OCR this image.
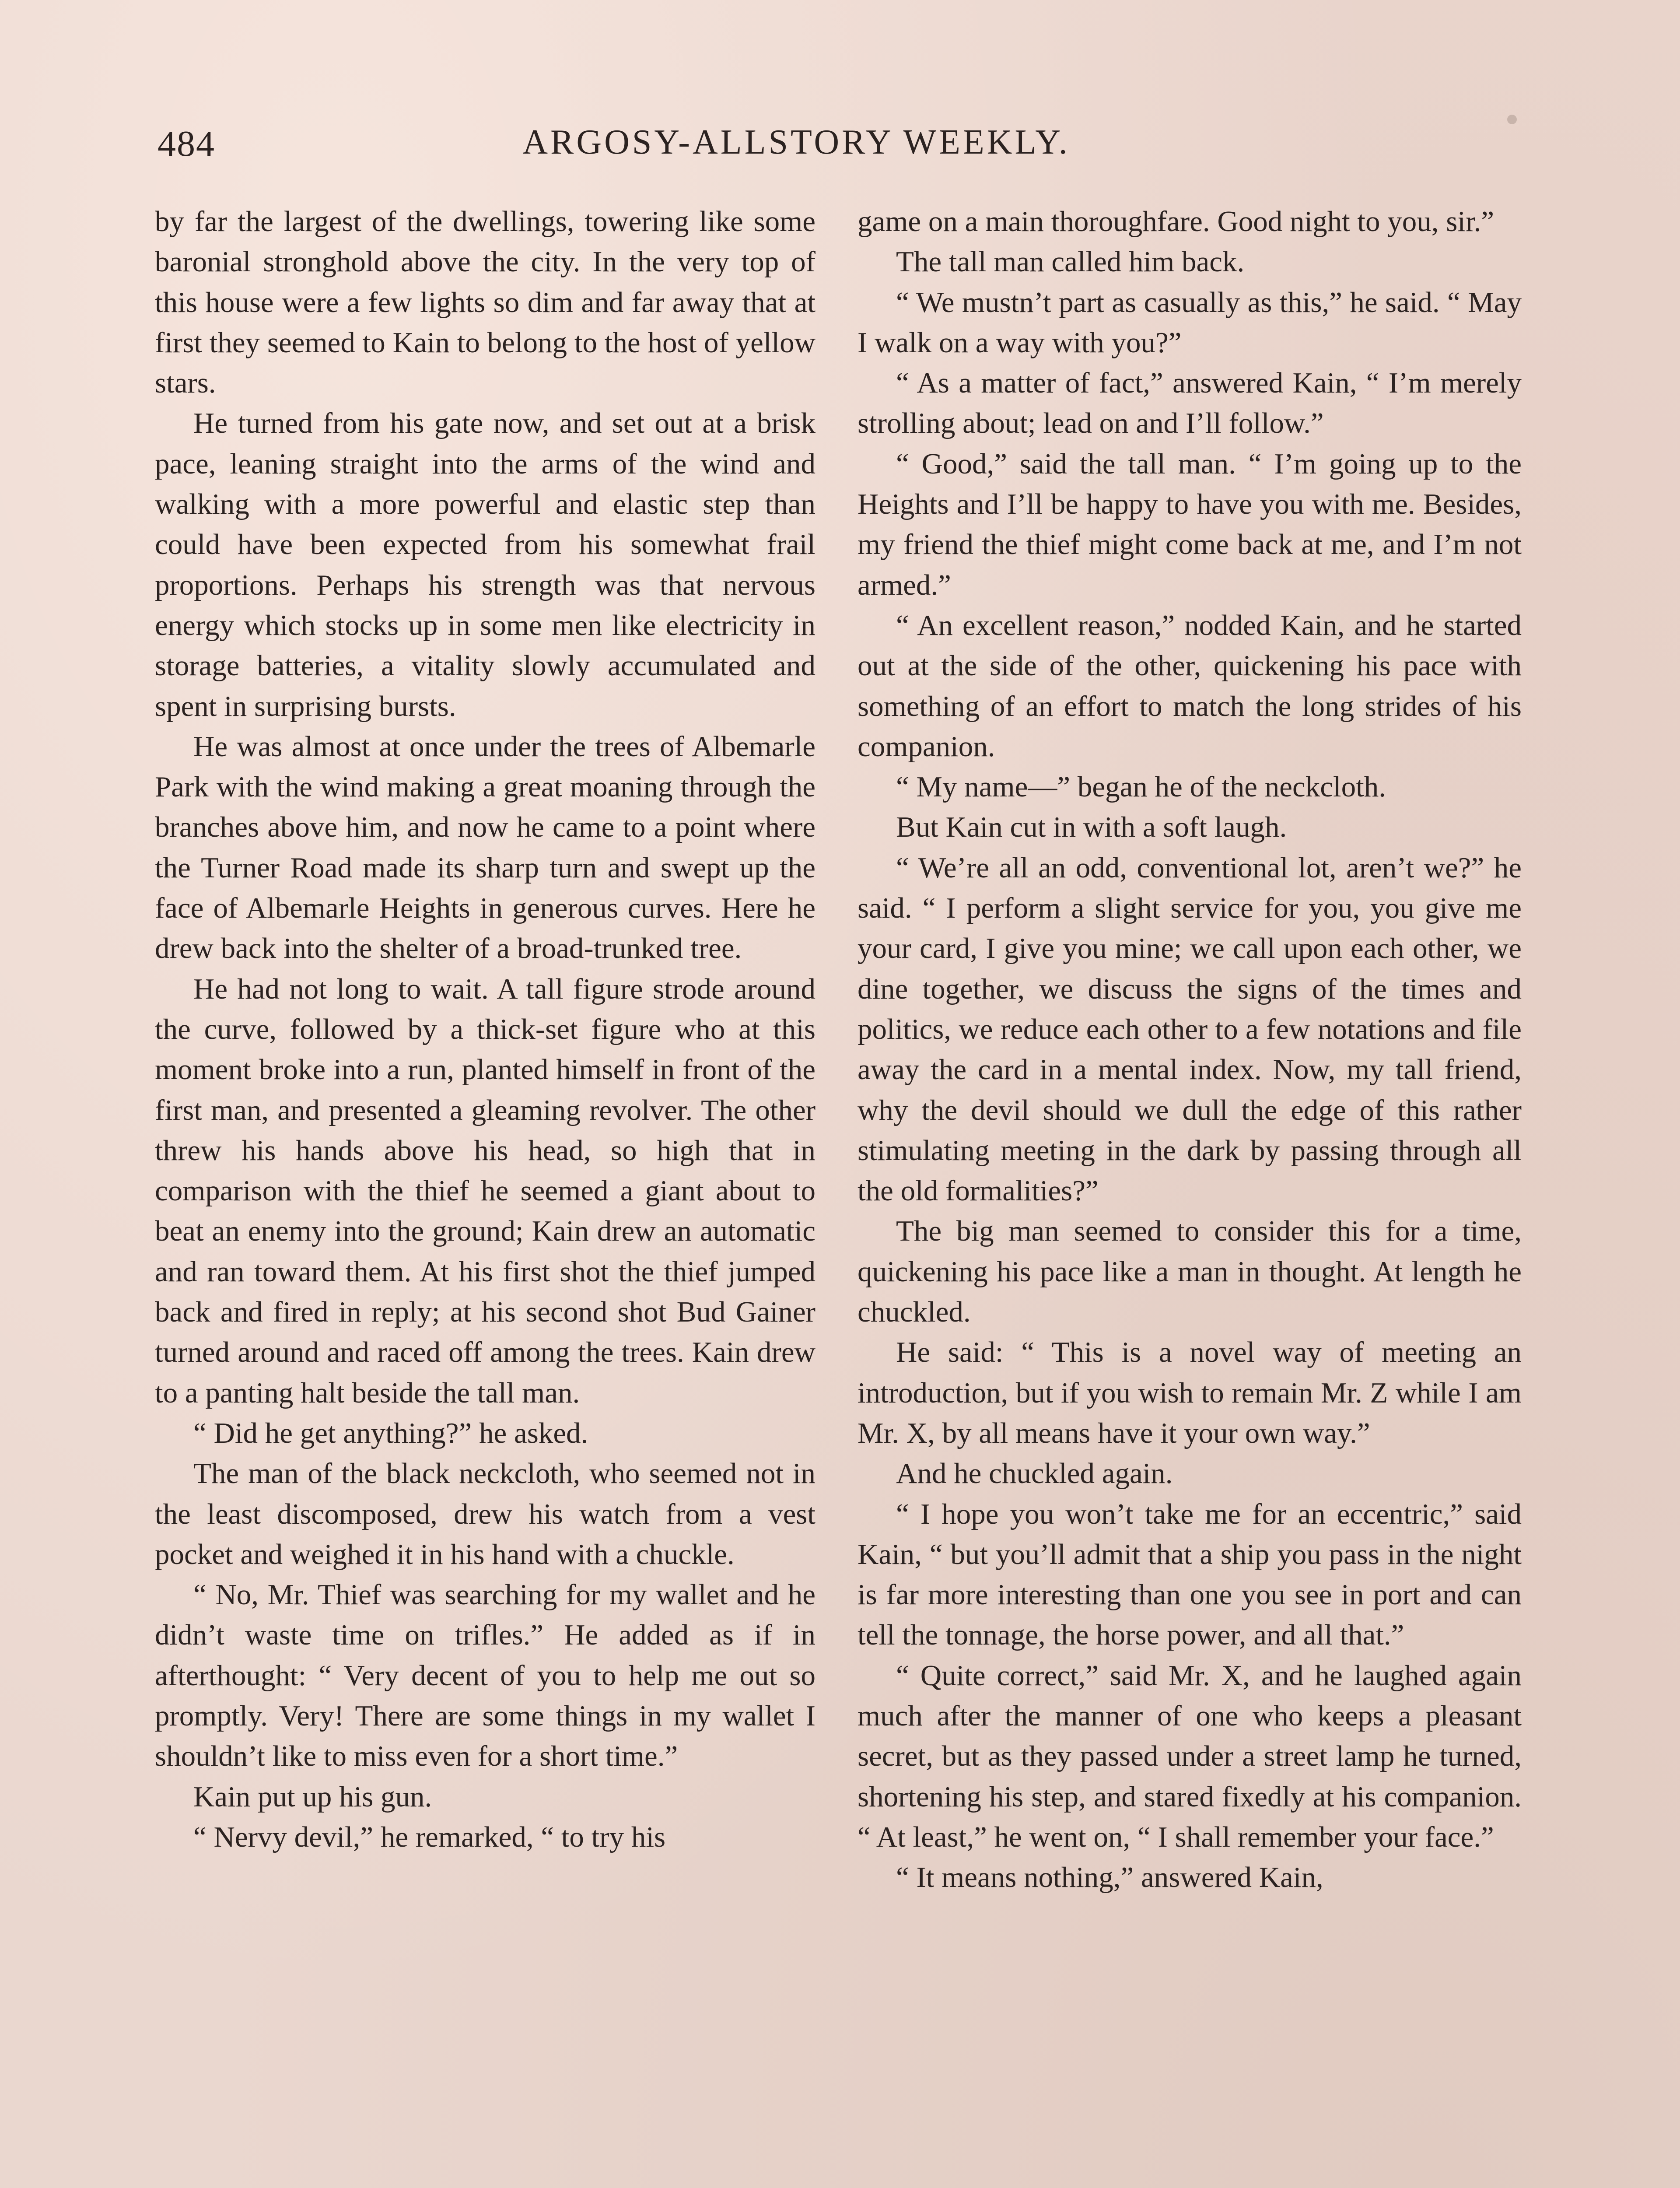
484	ARGOSY-ALLSTORY WEEKLY.

by far the largest of the dwellings, towering like some baronial stronghold above the city. In the very top of this house were a few lights so dim and far away that at first they seemed to Kain to belong to the host of yellow stars.

He turned from his gate now, and set out at a brisk pace, leaning straight into the arms of the wind and walking with a more powerful and elastic step than could have been expected from his somewhat frail proportions. Perhaps his strength was that nervous energy which stocks up in some men like electricity in storage batteries, a vitality slowly accumulated and spent in surprising bursts.

He was almost at once under the trees of Albemarle Park with the wind making a great moaning through the branches above him, and now he came to a point where the Turner Road made its sharp turn and swept up the face of Albemarle Heights in generous curves. Here he drew back into the shelter of a broad-trunked tree.

He had not long to wait. A tall figure strode around the curve, followed by a thick-set figure who at this moment broke into a run, planted himself in front of the first man, and presented a gleaming revolver. The other threw his hands above his head, so high that in comparison with the thief he seemed a giant about to beat an enemy into the ground; Kain drew an automatic and ran toward them. At his first shot the thief jumped back and fired in reply; at his second shot Bud Gainer turned around and raced off among the trees. Kain drew to a panting halt beside the tall man.

“ Did he get anything?” he asked.

The man of the black neckcloth, who seemed not in the least discomposed, drew his watch from a vest pocket and weighed it in his hand with a chuckle.

“ No, Mr. Thief was searching for my wallet and he didn’t waste time on trifles.” He added as if in afterthought: “ Very decent of you to help me out so promptly. Very! There are some things in my wallet I shouldn’t like to miss even for a short time.”

Kain put up his gun.

“ Nervy devil,” he remarked, “ to try his

game on a main thoroughfare. Good night to you, sir.”

The tall man called him back.

“ We mustn’t part as casually as this,” he said. “ May I walk on a way with you?”

“ As a matter of fact,” answered Kain, “ I’m merely strolling about; lead on and I’ll follow.”

“ Good,” said the tall man. “ I’m going up to the Heights and I’ll be happy to have you with me. Besides, my friend the thief might come back at me, and I’m not armed.”

“ An excellent reason,” nodded Kain, and he started out at the side of the other, quickening his pace with something of an effort to match the long strides of his companion.

“ My name—” began he of the neckcloth.

But Kain cut in with a soft laugh.

“ We’re all an odd, conventional lot, aren’t we?” he said. “ I perform a slight service for you, you give me your card, I give you mine; we call upon each other, we dine together, we discuss the signs of the times and politics, we reduce each other to a few notations and file away the card in a mental index. Now, my tall friend, why the devil should we dull the edge of this rather stimulating meeting in the dark by passing through all the old formalities?”

The big man seemed to consider this for a time, quickening his pace like a man in thought. At length he chuckled.

He said: “ This is a novel way of meeting an introduction, but if you wish to remain Mr. Z while I am Mr. X, by all means have it your own way.”

And he chuckled again.

“ I hope you won’t take me for an eccentric,” said Kain, “ but you’ll admit that a ship you pass in the night is far more interesting than one you see in port and can tell the tonnage, the horse power, and all that.”

“ Quite correct,” said Mr. X, and he laughed again much after the manner of one who keeps a pleasant secret, but as they passed under a street lamp he turned, shortening his step, and stared fixedly at his companion. “ At least,” he went on, “ I shall remember your face.”

“ It means nothing,” answered Kain,
